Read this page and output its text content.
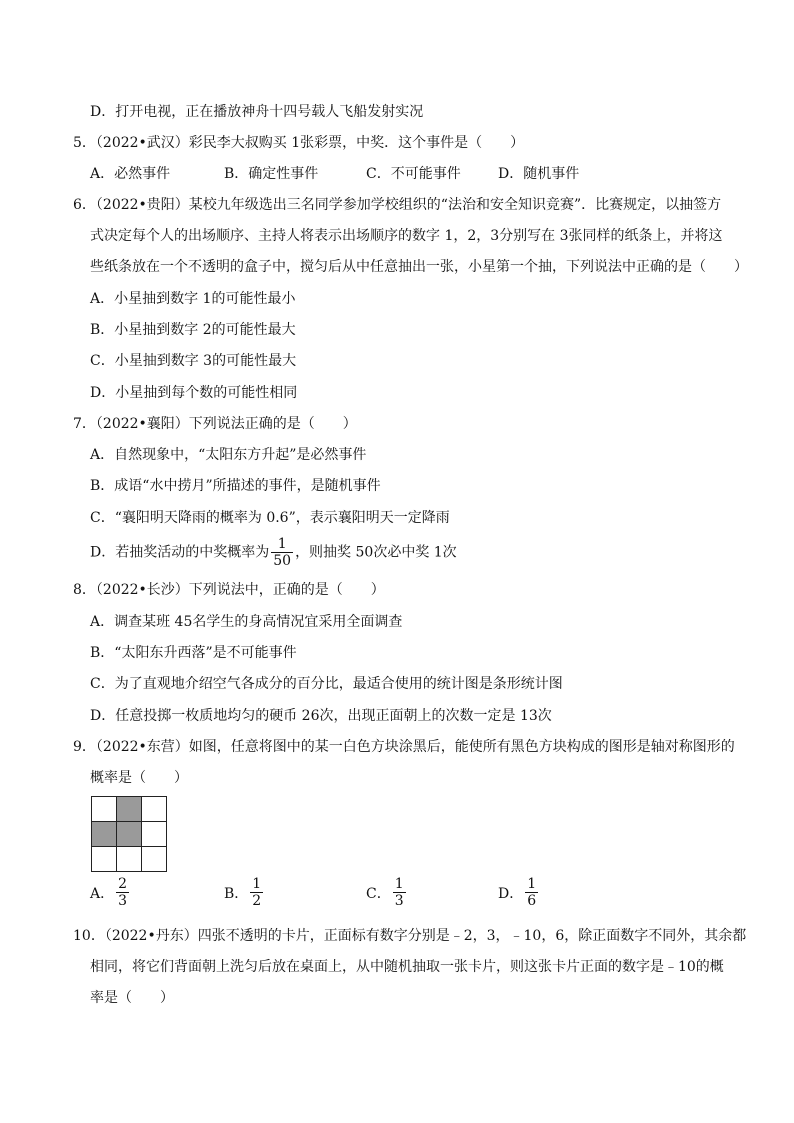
D．打开电视，正在播放神舟十四号载人飞船发射实况
5．（2022•武汉）彩民李大叔购买 1张彩票，中奖．这个事件是（　　）
A．必然事件	B．确定性事件	C．不可能事件	D．随机事件
6．（2022•贵阳）某校九年级选出三名同学参加学校组织的“法治和安全知识竞赛”．比赛规定，以抽签方
式决定每个人的出场顺序、主持人将表示出场顺序的数字 1，2，3分别写在 3张同样的纸条上，并将这
些纸条放在一个不透明的盒子中，搅匀后从中任意抽出一张，小星第一个抽，下列说法中正确的是（　　）
A．小星抽到数字 1的可能性最小
B．小星抽到数字 2的可能性最大
C．小星抽到数字 3的可能性最大
D．小星抽到每个数的可能性相同
7．（2022•襄阳）下列说法正确的是（　　）
A．自然现象中，“太阳东方升起”是必然事件
B．成语“水中捞月”所描述的事件，是随机事件
C．“襄阳明天降雨的概率为 0.6”，表示襄阳明天一定降雨
D．若抽奖活动的中奖概率为 $\frac{1}{50}$ ，则抽奖 50次必中奖 1次
8．（2022•长沙）下列说法中，正确的是（　　）
A．调查某班 45名学生的身高情况宜采用全面调查
B．“太阳东升西落”是不可能事件
C．为了直观地介绍空气各成分的百分比，最适合使用的统计图是条形统计图
D．任意投掷一枚质地均匀的硬币 26次，出现正面朝上的次数一定是 13次
9．（2022•东营）如图，任意将图中的某一白色方块涂黑后，能使所有黑色方块构成的图形是轴对称图形的
概率是（　　）

A． $\frac{2}{3}$	B． $\frac{1}{2}$	C． $\frac{1}{3}$	D． $\frac{1}{6}$
10．（2022•丹东）四张不透明的卡片，正面标有数字分别是﹣2，3，﹣10，6，除正面数字不同外，其余都
相同，将它们背面朝上洗匀后放在桌面上，从中随机抽取一张卡片，则这张卡片正面的数字是﹣10的概
率是（　　）
